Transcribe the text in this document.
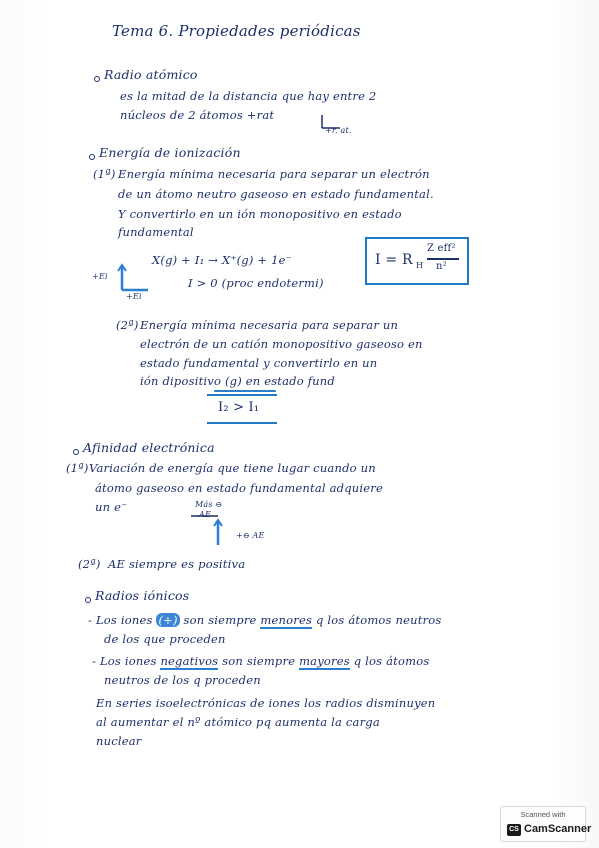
Tema 6. Propiedades periódicas
Radio atómico
es la mitad de la distancia que hay entre 2
núcleos de 2 átomos +rat
+r. at.
Energía de ionización
(1ª) Energía mínima necesaria para separar un electrón
de un átomo neutro gaseoso en estado fundamental.
Y convertirlo en un ión monopositivo en estado
fundamental
X(g) + I₁ → X⁺(g) + 1e⁻
I > 0 (proc endotermi)
+Ei
+Ei
I = R H
Z eff²
n²
(2ª) Energía mínima necesaria para separar un
electrón de un catión monopositivo gaseoso en
estado fundamental y convertirlo en un
ión dipositivo (g) en estado fund
I₂ > I₁
Afinidad electrónica
(1ª) Variación de energía que tiene lugar cuando un
átomo gaseoso en estado fundamental adquiere
un e⁻	Más ⊖
AE
+⊖ AE
(2ª) AE siempre es positiva
Radios iónicos
- Los iones (+) son siempre menores q los átomos neutros
de los que proceden
- Los iones negativos son siempre mayores q los átomos
neutros de los q proceden
En series isoelectrónicas de iones los radios disminuyen
al aumentar el nº atómico pq aumenta la carga
nuclear
Scanned with
CS CamScanner
